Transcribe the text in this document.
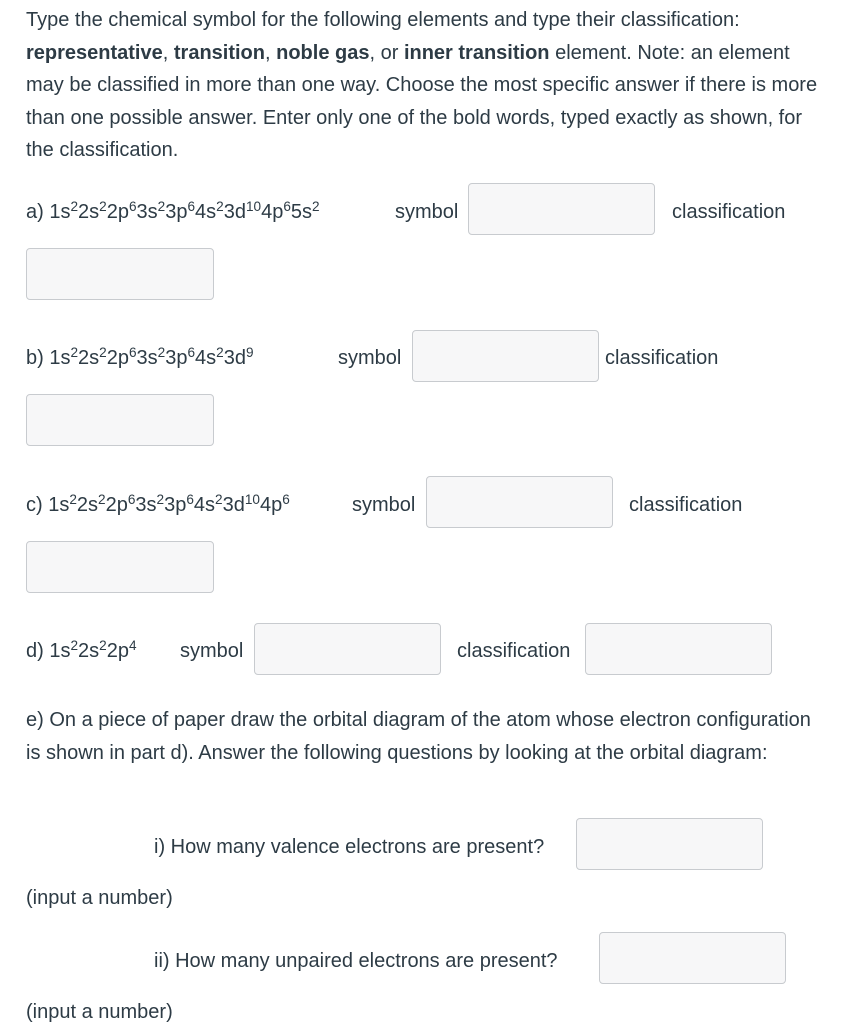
Type the chemical symbol for the following elements and type their classification: representative, transition, noble gas, or inner transition element. Note: an element may be classified in more than one way. Choose the most specific answer if there is more than one possible answer. Enter only one of the bold words, typed exactly as shown, for the classification.
a) $1s^22s^22p^63s^23p^64s^23d^{10}4p^65s^2$	symbol	classification
b) $1s^22s^22p^63s^23p^64s^23d^9$	symbol	classification
c) $1s^22s^22p^63s^23p^64s^23d^{10}4p^6$	symbol	classification
d) $1s^22s^22p^4$ symbol	classification
e) On a piece of paper draw the orbital diagram of the atom whose electron configuration is shown in part d). Answer the following questions by looking at the orbital diagram:
i) How many valence electrons are present?
(input a number)
ii) How many unpaired electrons are present?
(input a number)
